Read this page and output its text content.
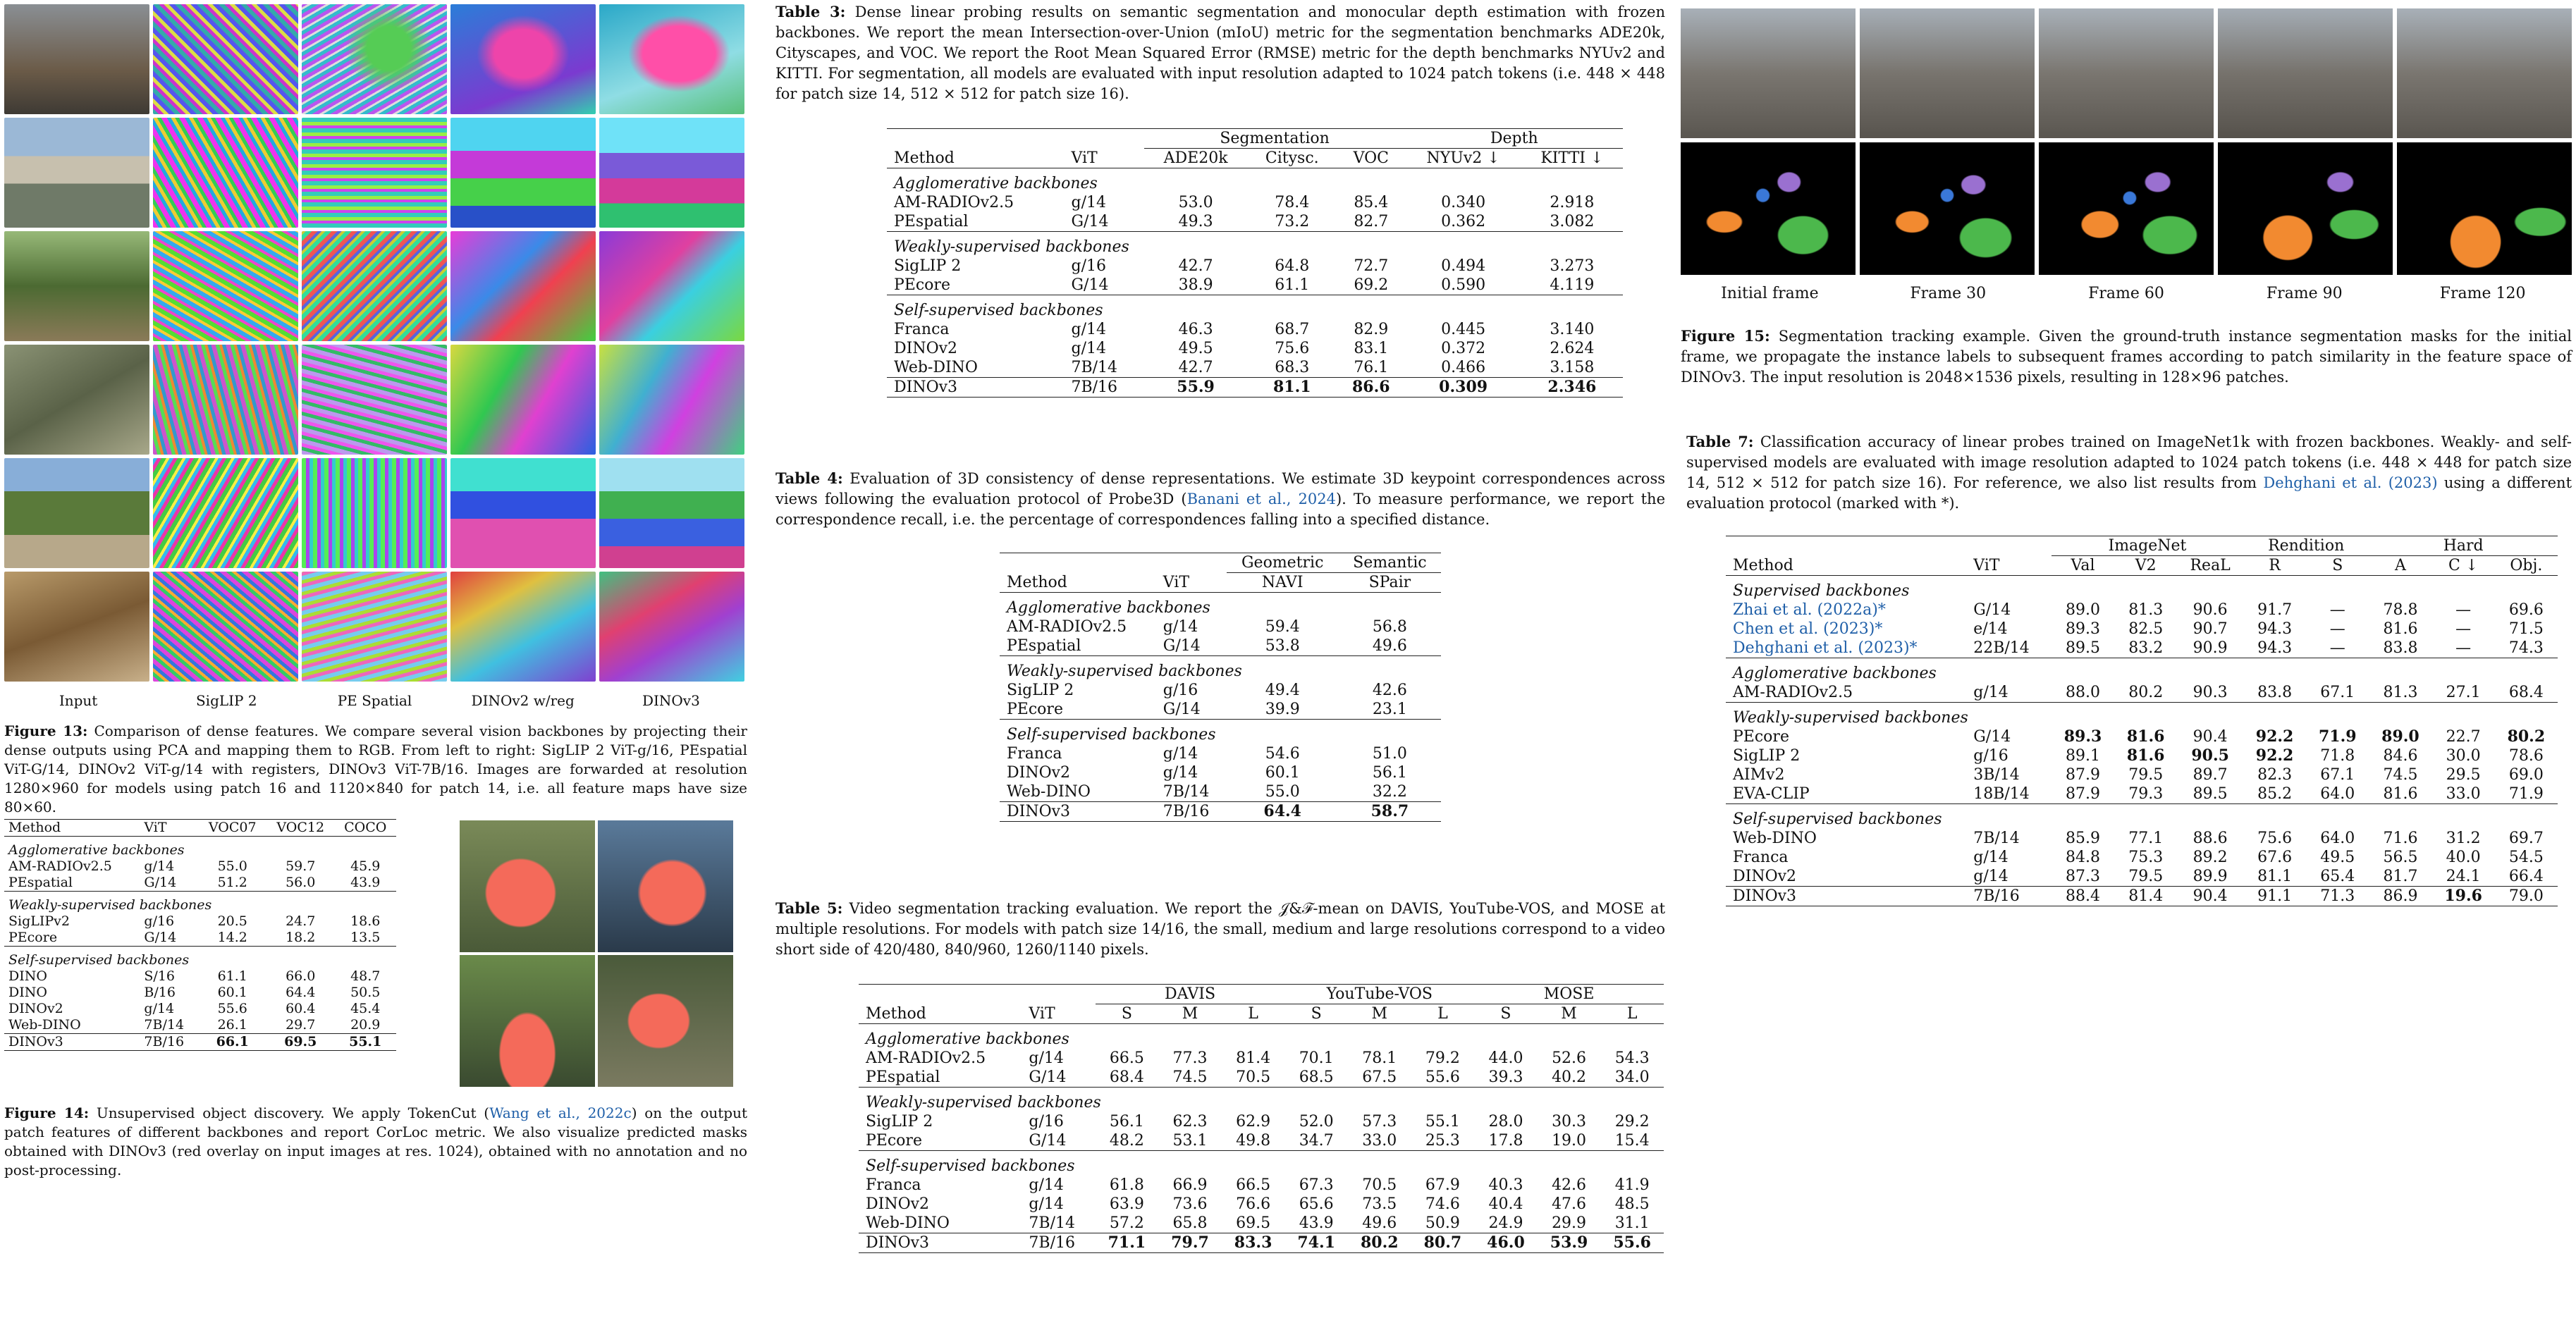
Input	SigLIP 2	PE Spatial	DINOv2 w/reg	DINOv3

Figure 13: Comparison of dense features. We compare several vision backbones by projecting their dense outputs using PCA and mapping them to RGB. From left to right: SigLIP 2 ViT-g/16, PEspatial ViT-G/14, DINOv2 ViT-g/14 with registers, DINOv3 ViT-7B/16. Images are forwarded at resolution 1280×960 for models using patch 16 and 1120×840 for patch 14, i.e. all feature maps have size 80×60.

Method	ViT	VOC07	VOC12	COCO
Agglomerative backbones				
AM-RADIOv2.5	g/14	55.0	59.7	45.9
PEspatial	G/14	51.2	56.0	43.9
Weakly-supervised backbones				
SigLIPv2	g/16	20.5	24.7	18.6
PEcore	G/14	14.2	18.2	13.5
Self-supervised backbones				
DINO	S/16	61.1	66.0	48.7
DINO	B/16	60.1	64.4	50.5
DINOv2	g/14	55.6	60.4	45.4
Web-DINO	7B/14	26.1	29.7	20.9
DINOv3	7B/16	66.1	69.5	55.1

Figure 14: Unsupervised object discovery. We apply TokenCut (Wang et al., 2022c) on the output patch features of different backbones and report CorLoc metric. We also visualize predicted masks obtained with DINOv3 (red overlay on input images at res. 1024), obtained with no annotation and no post-processing.

Table 3: Dense linear probing results on semantic segmentation and monocular depth estimation with frozen backbones. We report the mean Intersection-over-Union (mIoU) metric for the segmentation benchmarks ADE20k, Cityscapes, and VOC. We report the Root Mean Squared Error (RMSE) metric for the depth benchmarks NYUv2 and KITTI. For segmentation, all models are evaluated with input resolution adapted to 1024 patch tokens (i.e. 448 × 448 for patch size 14, 512 × 512 for patch size 16).

		Segmentation			Depth	
Method	ViT	ADE20k	Citysc.	VOC	NYUv2 ↓	KITTI ↓
Agglomerative backbones						
AM-RADIOv2.5	g/14	53.0	78.4	85.4	0.340	2.918
PEspatial	G/14	49.3	73.2	82.7	0.362	3.082
Weakly-supervised backbones						
SigLIP 2	g/16	42.7	64.8	72.7	0.494	3.273
PEcore	G/14	38.9	61.1	69.2	0.590	4.119
Self-supervised backbones						
Franca	g/14	46.3	68.7	82.9	0.445	3.140
DINOv2	g/14	49.5	75.6	83.1	0.372	2.624
Web-DINO	7B/14	42.7	68.3	76.1	0.466	3.158
DINOv3	7B/16	55.9	81.1	86.6	0.309	2.346

Table 4: Evaluation of 3D consistency of dense representations. We estimate 3D keypoint correspondences across views following the evaluation protocol of Probe3D (Banani et al., 2024). To measure performance, we report the correspondence recall, i.e. the percentage of correspondences falling into a specified distance.

		Geometric	Semantic
Method	ViT	NAVI	SPair
Agglomerative backbones			
AM-RADIOv2.5	g/14	59.4	56.8
PEspatial	G/14	53.8	49.6
Weakly-supervised backbones			
SigLIP 2	g/16	49.4	42.6
PEcore	G/14	39.9	23.1
Self-supervised backbones			
Franca	g/14	54.6	51.0
DINOv2	g/14	60.1	56.1
Web-DINO	7B/14	55.0	32.2
DINOv3	7B/16	64.4	58.7

Table 5: Video segmentation tracking evaluation. We report the 𝒥&ℱ-mean on DAVIS, YouTube-VOS, and MOSE at multiple resolutions. For models with patch size 14/16, the small, medium and large resolutions correspond to a video short side of 420/480, 840/960, 1260/1140 pixels.

		DAVIS			YouTube-VOS			MOSE		
Method	ViT	S	M	L	S	M	L	S	M	L
Agglomerative backbones										
AM-RADIOv2.5	g/14	66.5	77.3	81.4	70.1	78.1	79.2	44.0	52.6	54.3
PEspatial	G/14	68.4	74.5	70.5	68.5	67.5	55.6	39.3	40.2	34.0
Weakly-supervised backbones										
SigLIP 2	g/16	56.1	62.3	62.9	52.0	57.3	55.1	28.0	30.3	29.2
PEcore	G/14	48.2	53.1	49.8	34.7	33.0	25.3	17.8	19.0	15.4
Self-supervised backbones										
Franca	g/14	61.8	66.9	66.5	67.3	70.5	67.9	40.3	42.6	41.9
DINOv2	g/14	63.9	73.6	76.6	65.6	73.5	74.6	40.4	47.6	48.5
Web-DINO	7B/14	57.2	65.8	69.5	43.9	49.6	50.9	24.9	29.9	31.1
DINOv3	7B/16	71.1	79.7	83.3	74.1	80.2	80.7	46.0	53.9	55.6
Initial frame	Frame 30	Frame 60	Frame 90	Frame 120

Figure 15: Segmentation tracking example. Given the ground-truth instance segmentation masks for the initial frame, we propagate the instance labels to subsequent frames according to patch similarity in the feature space of DINOv3. The input resolution is 2048×1536 pixels, resulting in 128×96 patches.

Table 7: Classification accuracy of linear probes trained on ImageNet1k with frozen backbones. Weakly- and self-supervised models are evaluated with image resolution adapted to 1024 patch tokens (i.e. 448 × 448 for patch size 14, 512 × 512 for patch size 16). For reference, we also list results from Dehghani et al. (2023) using a different evaluation protocol (marked with *).

		ImageNet			Rendition		Hard		
Method	ViT	Val	V2	ReaL	R	S	A	C ↓	Obj.
Supervised backbones									
Zhai et al. (2022a)*	G/14	89.0	81.3	90.6	91.7	—	78.8	—	69.6
Chen et al. (2023)*	e/14	89.3	82.5	90.7	94.3	—	81.6	—	71.5
Dehghani et al. (2023)*	22B/14	89.5	83.2	90.9	94.3	—	83.8	—	74.3
Agglomerative backbones									
AM-RADIOv2.5	g/14	88.0	80.2	90.3	83.8	67.1	81.3	27.1	68.4
Weakly-supervised backbones									
PEcore	G/14	89.3	81.6	90.4	92.2	71.9	89.0	22.7	80.2
SigLIP 2	g/16	89.1	81.6	90.5	92.2	71.8	84.6	30.0	78.6
AIMv2	3B/14	87.9	79.5	89.7	82.3	67.1	74.5	29.5	69.0
EVA-CLIP	18B/14	87.9	79.3	89.5	85.2	64.0	81.6	33.0	71.9
Self-supervised backbones									
Web-DINO	7B/14	85.9	77.1	88.6	75.6	64.0	71.6	31.2	69.7
Franca	g/14	84.8	75.3	89.2	67.6	49.5	56.5	40.0	54.5
DINOv2	g/14	87.3	79.5	89.9	81.1	65.4	81.7	24.1	66.4
DINOv3	7B/16	88.4	81.4	90.4	91.1	71.3	86.9	19.6	79.0
